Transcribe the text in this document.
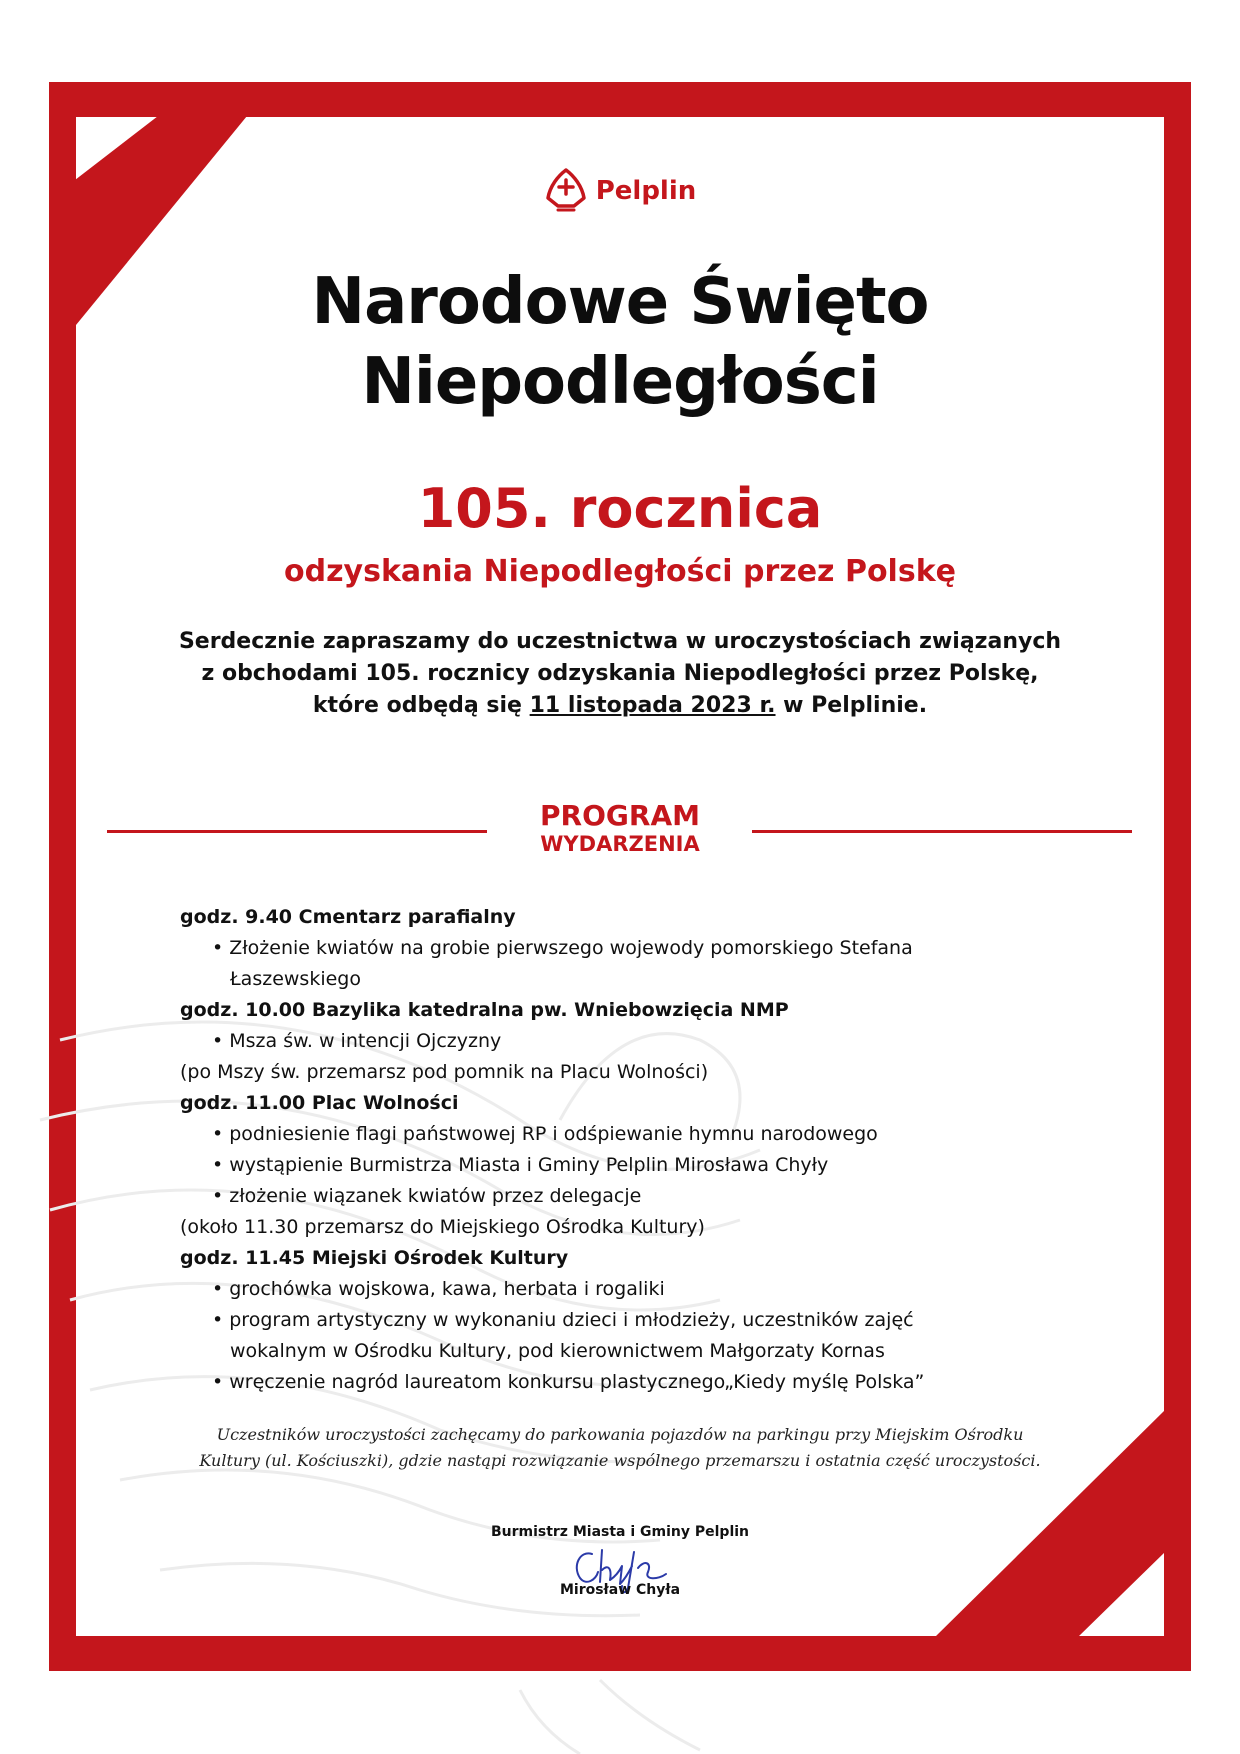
Pelplin
Narodowe Święto
Niepodległości
105. rocznica
odzyskania Niepodległości przez Polskę
Serdecznie zapraszamy do uczestnictwa w uroczystościach związanych
z obchodami 105. rocznicy odzyskania Niepodległości przez Polskę,
które odbędą się 11 listopada 2023 r. w Pelplinie.
PROGRAM
WYDARZENIA
godz. 9.40 Cmentarz parafialny
• Złożenie kwiatów na grobie pierwszego wojewody pomorskiego Stefana
Łaszewskiego
godz. 10.00 Bazylika katedralna pw. Wniebowzięcia NMP
• Msza św. w intencji Ojczyzny
(po Mszy św. przemarsz pod pomnik na Placu Wolności)
godz. 11.00 Plac Wolności
• podniesienie flagi państwowej RP i odśpiewanie hymnu narodowego
• wystąpienie Burmistrza Miasta i Gminy Pelplin Mirosława Chyły
• złożenie wiązanek kwiatów przez delegacje
(około 11.30 przemarsz do Miejskiego Ośrodka Kultury)
godz. 11.45 Miejski Ośrodek Kultury
• grochówka wojskowa, kawa, herbata i rogaliki
• program artystyczny w wykonaniu dzieci i młodzieży, uczestników zajęć
wokalnym w Ośrodku Kultury, pod kierownictwem Małgorzaty Kornas
• wręczenie nagród laureatom konkursu plastycznego„Kiedy myślę Polska”
Uczestników uroczystości zachęcamy do parkowania pojazdów na parkingu przy Miejskim Ośrodku
Kultury (ul. Kościuszki), gdzie nastąpi rozwiązanie wspólnego przemarszu i ostatnia część uroczystości.
Burmistrz Miasta i Gminy Pelplin
Mirosław Chyła
